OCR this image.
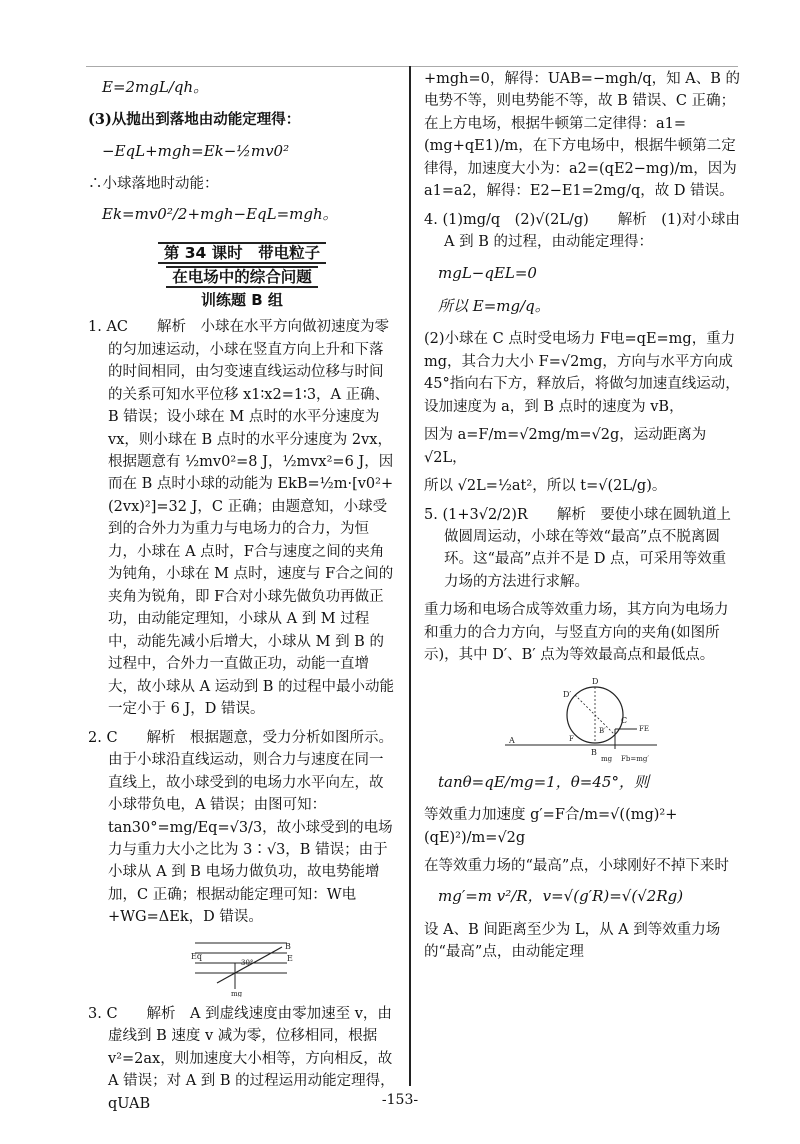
E=2mgL/qh。

(3)从抛出到落地由动能定理得：

−EqL+mgh=Ek−½mv0²

∴小球落地时动能：

Ek=mv0²/2+mgh−EqL=mgh。

第 34 课时　带电粒子
在电场中的综合问题
训练题 B 组

1. AC　　解析　小球在水平方向做初速度为零的匀加速运动，小球在竖直方向上升和下落的时间相同，由匀变速直线运动位移与时间的关系可知水平位移 x1∶x2=1∶3，A 正确、B 错误；设小球在 M 点时的水平分速度为 vx，则小球在 B 点时的水平分速度为 2vx，根据题意有 ½mv0²=8 J，½mvx²=6 J，因而在 B 点时小球的动能为 EkB=½m·[v0²+(2vx)²]=32 J，C 正确；由题意知，小球受到的合外力为重力与电场力的合力，为恒力，小球在 A 点时，F合与速度之间的夹角为钝角，小球在 M 点时，速度与 F合之间的夹角为锐角，即 F合对小球先做负功再做正功，由动能定理知，小球从 A 到 M 过程中，动能先减小后增大，小球从 M 到 B 的过程中，合外力一直做正功，动能一直增大，故小球从 A 运动到 B 的过程中最小动能一定小于 6 J，D 错误。

2. C　　解析　根据题意，受力分析如图所示。由于小球沿直线运动，则合力与速度在同一直线上，故小球受到的电场力水平向左，故小球带负电，A 错误；由图可知：tan30°=mg/Eq=√3/3，故小球受到的电场力与重力大小之比为 3∶√3，B 错误；由于小球从 A 到 B 电场力做负功，故电势能增加，C 正确；根据动能定理可知：W电+WG=ΔEk，D 错误。

B
E
Eq
30°
mg

3. C　　解析　A 到虚线速度由零加速至 v，由虚线到 B 速度 v 减为零，位移相同，根据 v²=2ax，则加速度大小相等，方向相反，故 A 错误；对 A 到 B 的过程运用动能定理得，qUAB

+mgh=0，解得：UAB=−mgh/q，知 A、B 的电势不等，则电势能不等，故 B 错误、C 正确；在上方电场，根据牛顿第二定律得：a1=(mg+qE1)/m，在下方电场中，根据牛顿第二定律得，加速度大小为：a2=(qE2−mg)/m，因为 a1=a2，解得：E2−E1=2mg/q，故 D 错误。

4. (1)mg/q　(2)√(2L/g)　　解析　(1)对小球由 A 到 B 的过程，由动能定理得：

mgL−qEL=0

所以 E=mg/q。

(2)小球在 C 点时受电场力 F电=qE=mg，重力 mg，其合力大小 F=√2mg，方向与水平方向成 45°指向右下方，释放后，将做匀加速直线运动，设加速度为 a，到 B 点时的速度为 vB，

因为 a=F/m=√2mg/m=√2g，运动距离为 √2L，

所以 √2L=½at²，所以 t=√(2L/g)。

5. (1+3√2/2)R　　解析　要使小球在圆轨道上做圆周运动，小球在等效“最高”点不脱离圆环。这“最高”点并不是 D 点，可采用等效重力场的方法进行求解。

重力场和电场合成等效重力场，其方向为电场力和重力的合力方向，与竖直方向的夹角(如图所示)，其中 D′、B′ 点为等效最高点和最低点。

D
D′
C
B′
F
A
B
FE
mg Fb=mg′

tanθ=qE/mg=1，θ=45°，则

等效重力加速度 g′=F合/m=√((mg)²+(qE)²)/m=√2g

在等效重力场的“最高”点，小球刚好不掉下来时

mg′=m v²/R，v=√(g′R)=√(√2Rg)

设 A、B 间距离至少为 L，从 A 到等效重力场的“最高”点，由动能定理

-153-
